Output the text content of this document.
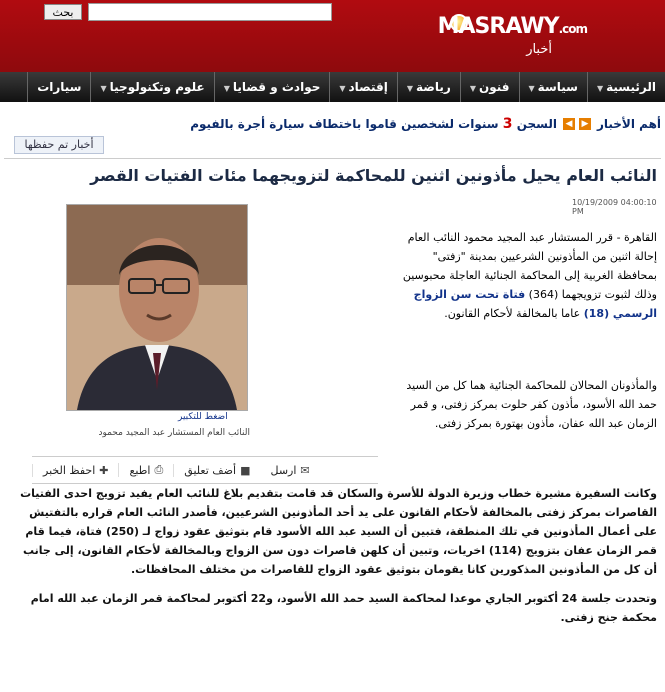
بحث
MASRAWY.com
أخبار
الرئيسية▼
سياسة▼
فنون▼
رياضة▼
إقتصاد▼
حوادث و قضايا▼
علوم وتكنولوجيا▼
سيارات
أهم الأخبار
▶
◀
السجن 3 سنوات لشخصين قاموا باختطاف سيارة أجرة بالفيوم
أخبار تم حفظها
النائب العام يحيل مأذونين اثنين للمحاكمة لتزويجهما مئات الفتيات القصر
10/19/2009 04:00:10 PM
اضغط للتكبير
النائب العام المستشار عبد المجيد محمود
القاهرة - قرر المستشار عبد المجيد محمود النائب العام إحالة اثنين من المأذونين الشرعيين بمدينة "زفتى" بمحافظة الغربية إلى المحاكمة الجنائية العاجلة محبوسين وذلك لثبوت تزويجهما (364) فتاة تحت سن الزواج الرسمي (18) عاما بالمخالفة لأحكام القانون.
والمأذونان المحالان للمحاكمة الجنائية هما كل من السيد حمد الله الأسود، مأذون كفر حلوت بمركز زفتى، و قمر الزمان عبد الله عفان، مأذون بهتورة بمركز زفتى.
✚
احفظ الخبر	⎙
اطبع	■
أضف تعليق	✉
ارسل

وكانت السفيرة مشيرة خطاب وزيرة الدولة للأسرة والسكان قد قامت بتقديم بلاغ للنائب العام يفيد تزويج احدى الفتيات القاصرات بمركز زفتى بالمخالفة لأحكام القانون على يد أحد المأذونين الشرعيين، فأصدر النائب العام قراره بالتفتيش على أعمال المأذونين في تلك المنطقة، فتبين أن السيد عبد الله الأسود قام بتوثيق عقود زواج لـ (250) فتاة، فيما قام قمر الزمان عفان بتزويج (114) اخريات، وتبين أن كلهن قاصرات دون سن الزواج وبالمخالفة لأحكام القانون، إلى جانب أن كل من المأذونين المذكورين كانا يقومان بتوثيق عقود الزواج للقاصرات من مختلف المحافظات.

وتحددت جلسة 24 أكتوبر الجاري موعدا لمحاكمة السيد حمد الله الأسود، و22 أكتوبر لمحاكمة قمر الزمان عبد الله امام محكمة جنح زفتى.
